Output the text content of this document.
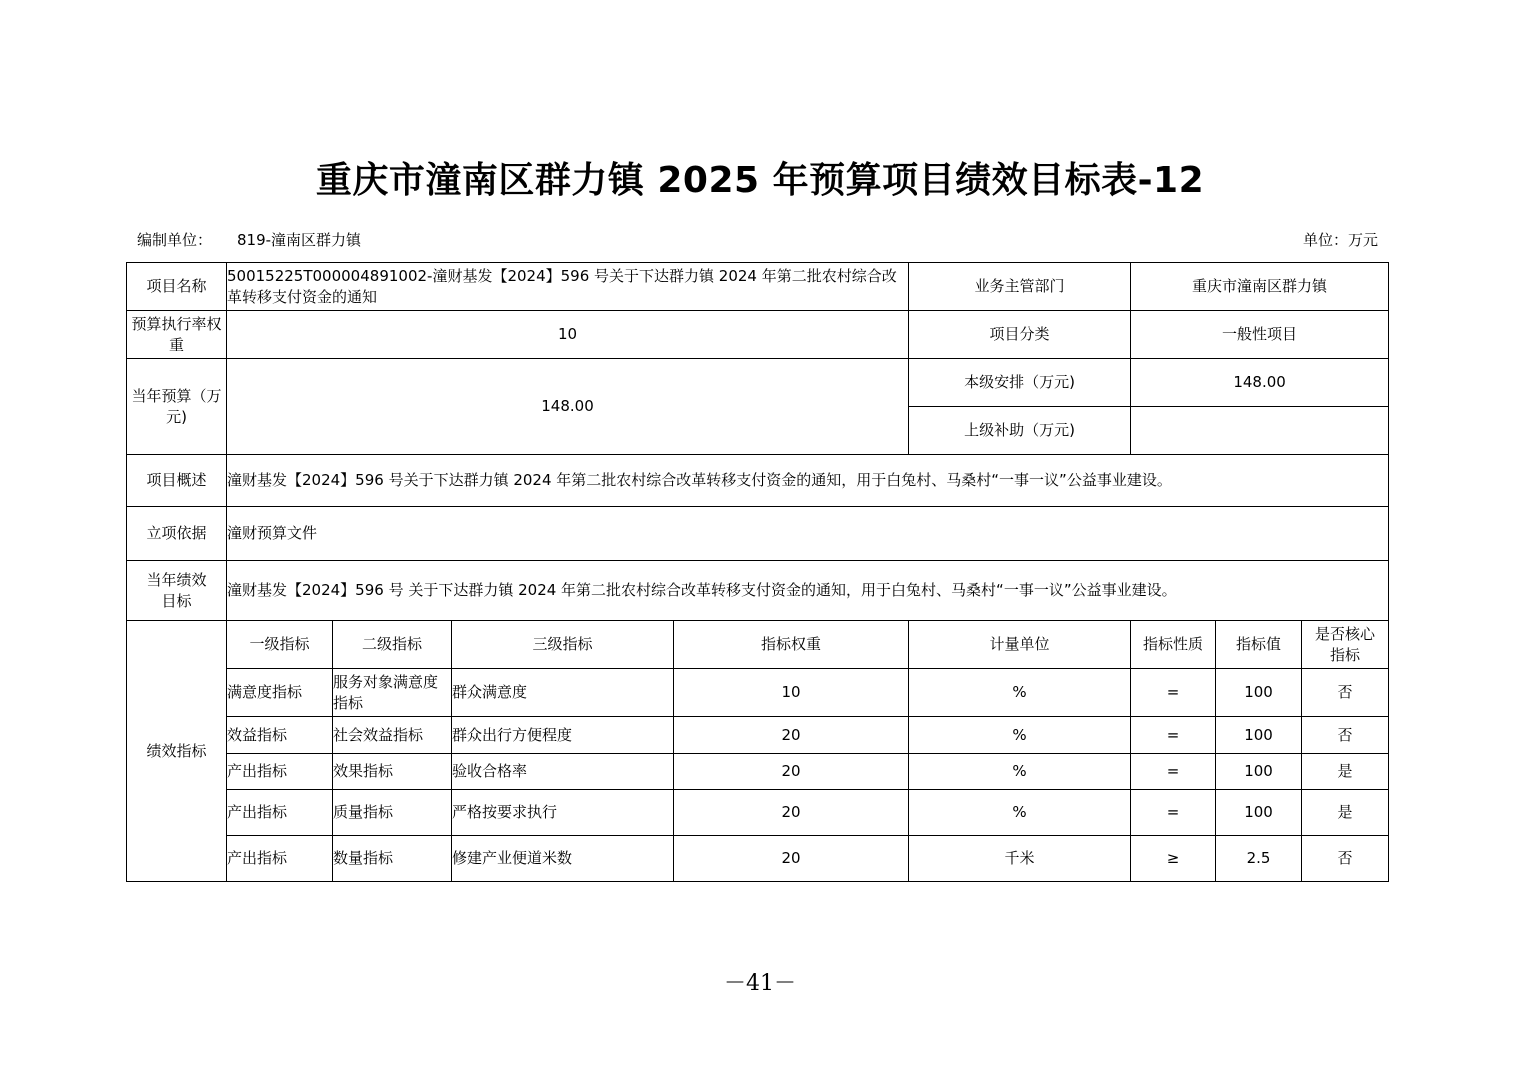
重庆市潼南区群力镇 2025 年预算项目绩效目标表-12
编制单位： 819-潼南区群力镇	单位：万元
项目名称	50015225T000004891002-潼财基发【2024】596 号关于下达群力镇 2024 年第二批农村综合改革转移支付资金的通知				业务主管部门	重庆市潼南区群力镇		
预算执行率权重	10				项目分类	一般性项目		
当年预算（万元)	148.00				本级安排（万元)	148.00		
					上级补助（万元)			
项目概述	潼财基发【2024】596 号关于下达群力镇 2024 年第二批农村综合改革转移支付资金的通知，用于白兔村、马桑村“一事一议”公益事业建设。							
立项依据	潼财预算文件							
当年绩效目标	潼财基发【2024】596 号 关于下达群力镇 2024 年第二批农村综合改革转移支付资金的通知，用于白兔村、马桑村“一事一议”公益事业建设。							
绩效指标	一级指标	二级指标	三级指标	指标权重	计量单位	指标性质	指标值	是否核心指标
	满意度指标	服务对象满意度指标	群众满意度	10	%	=	100	否
	效益指标	社会效益指标	群众出行方便程度	20	%	=	100	否
	产出指标	效果指标	验收合格率	20	%	=	100	是
	产出指标	质量指标	严格按要求执行	20	%	=	100	是
	产出指标	数量指标	修建产业便道米数	20	千米	≥	2.5	否
－41－
